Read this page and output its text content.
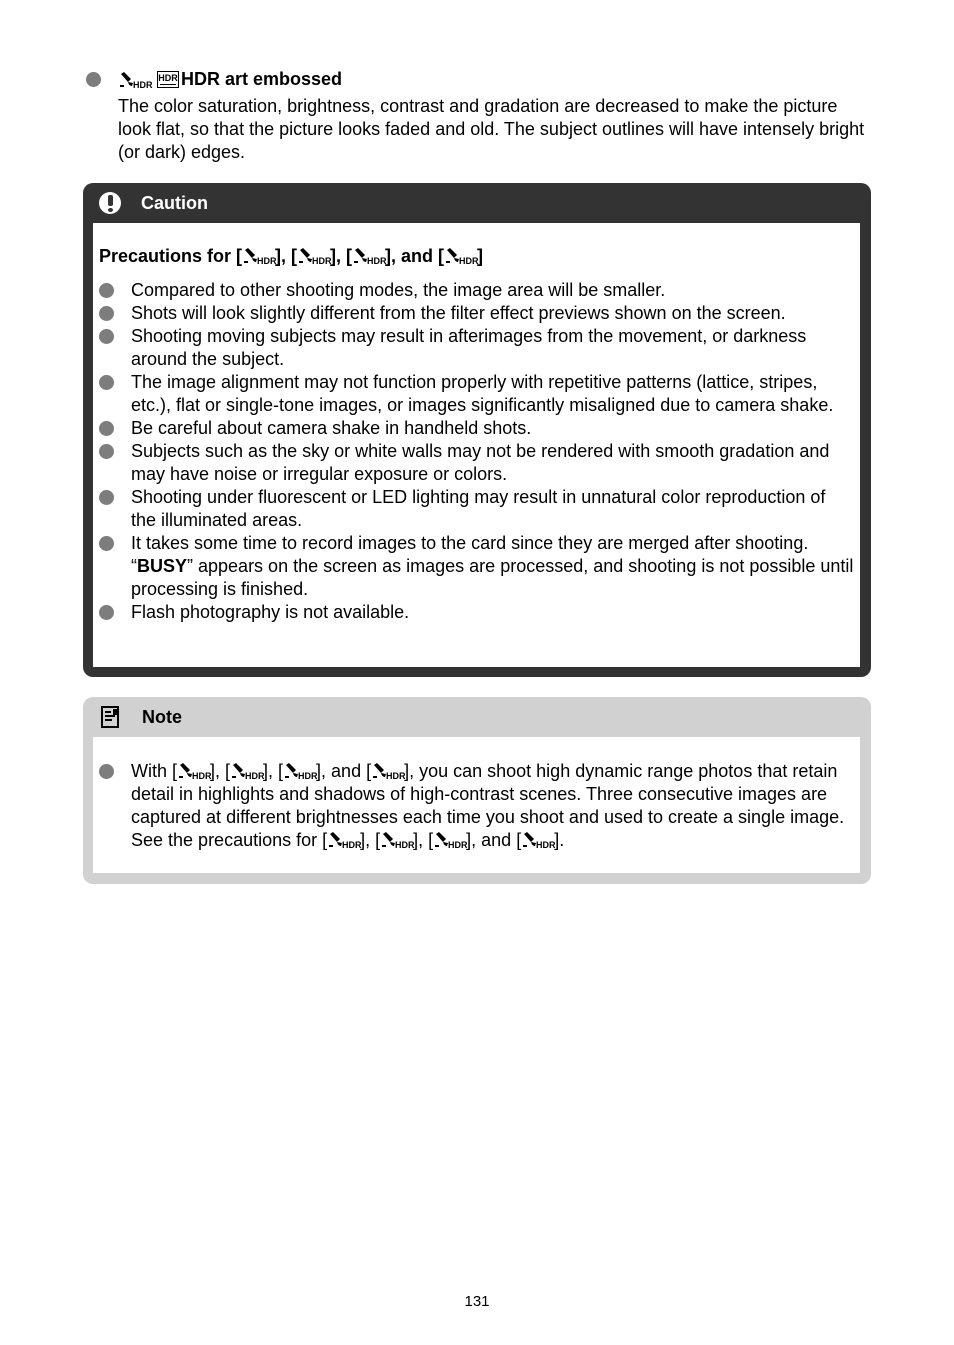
HDR
HDR HDR art embossed
The color saturation, brightness, contrast and gradation are decreased to make the picture look flat, so that the picture looks faded and old. The subject outlines will have intensely bright (or dark) edges.
Caution
Precautions for [ HDR
], [ HDR
], [ HDR
], and [ HDR
]
Compared to other shooting modes, the image area will be smaller.
Shots will look slightly different from the filter effect previews shown on the screen.
Shooting moving subjects may result in afterimages from the movement, or darkness around the subject.
The image alignment may not function properly with repetitive patterns (lattice, stripes, etc.), flat or single-tone images, or images significantly misaligned due to camera shake.
Be careful about camera shake in handheld shots.
Subjects such as the sky or white walls may not be rendered with smooth gradation and may have noise or irregular exposure or colors.
Shooting under fluorescent or LED lighting may result in unnatural color reproduction of the illuminated areas.
It takes some time to record images to the card since they are merged after shooting. “BUSY” appears on the screen as images are processed, and shooting is not possible until processing is finished.
Flash photography is not available.
Note
With [ HDR
], [ HDR
], [ HDR
], and [ HDR
], you can shoot high dynamic range photos that retain detail in highlights and shadows of high-contrast scenes. Three consecutive images are captured at different brightnesses each time you shoot and used to create a single image. See the precautions for [ HDR
], [ HDR
], [ HDR
], and [ HDR
].
131
